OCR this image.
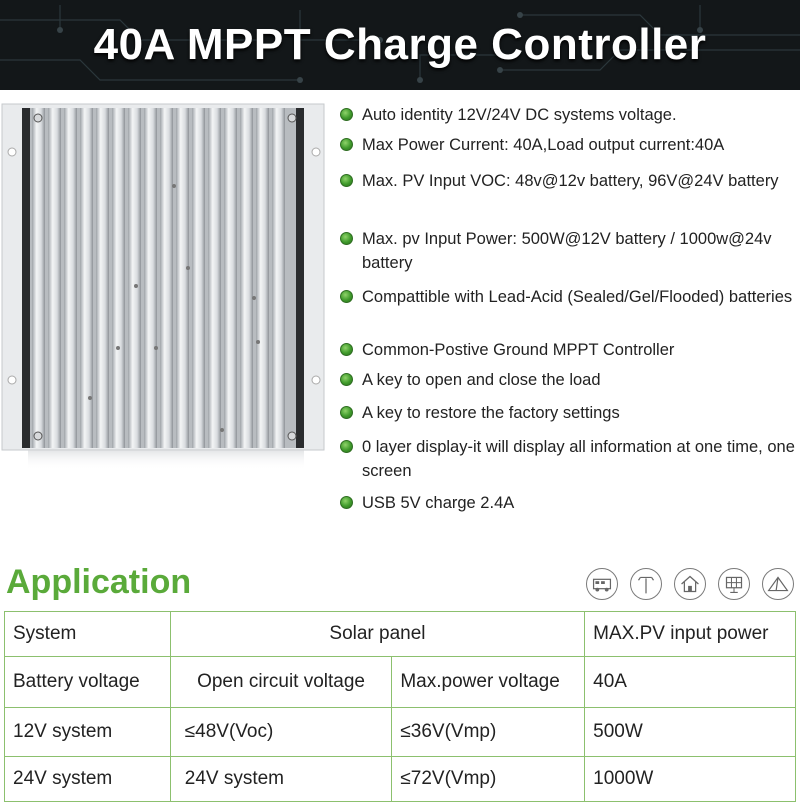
40A MPPT Charge Controller
Auto identity 12V/24V DC systems voltage.
Max Power Current: 40A,Load output current:40A
Max. PV Input VOC: 48v@12v battery, 96V@24V battery
Max. pv Input Power: 500W@12V battery / 1000w@24v battery
Compattible with Lead-Acid (Sealed/Gel/Flooded) batteries
Common-Postive Ground MPPT Controller
A key to open and close the load
A key to restore the factory settings
0 layer display-it will display all information at one time, one screen
USB 5V charge 2.4A
Application
System	Solar panel		MAX.PV input power
Battery voltage	Open circuit voltage	Max.power voltage	40A
12V system	≤48V(Voc)	≤36V(Vmp)	500W
24V system	24V system	≤72V(Vmp)	1000W
